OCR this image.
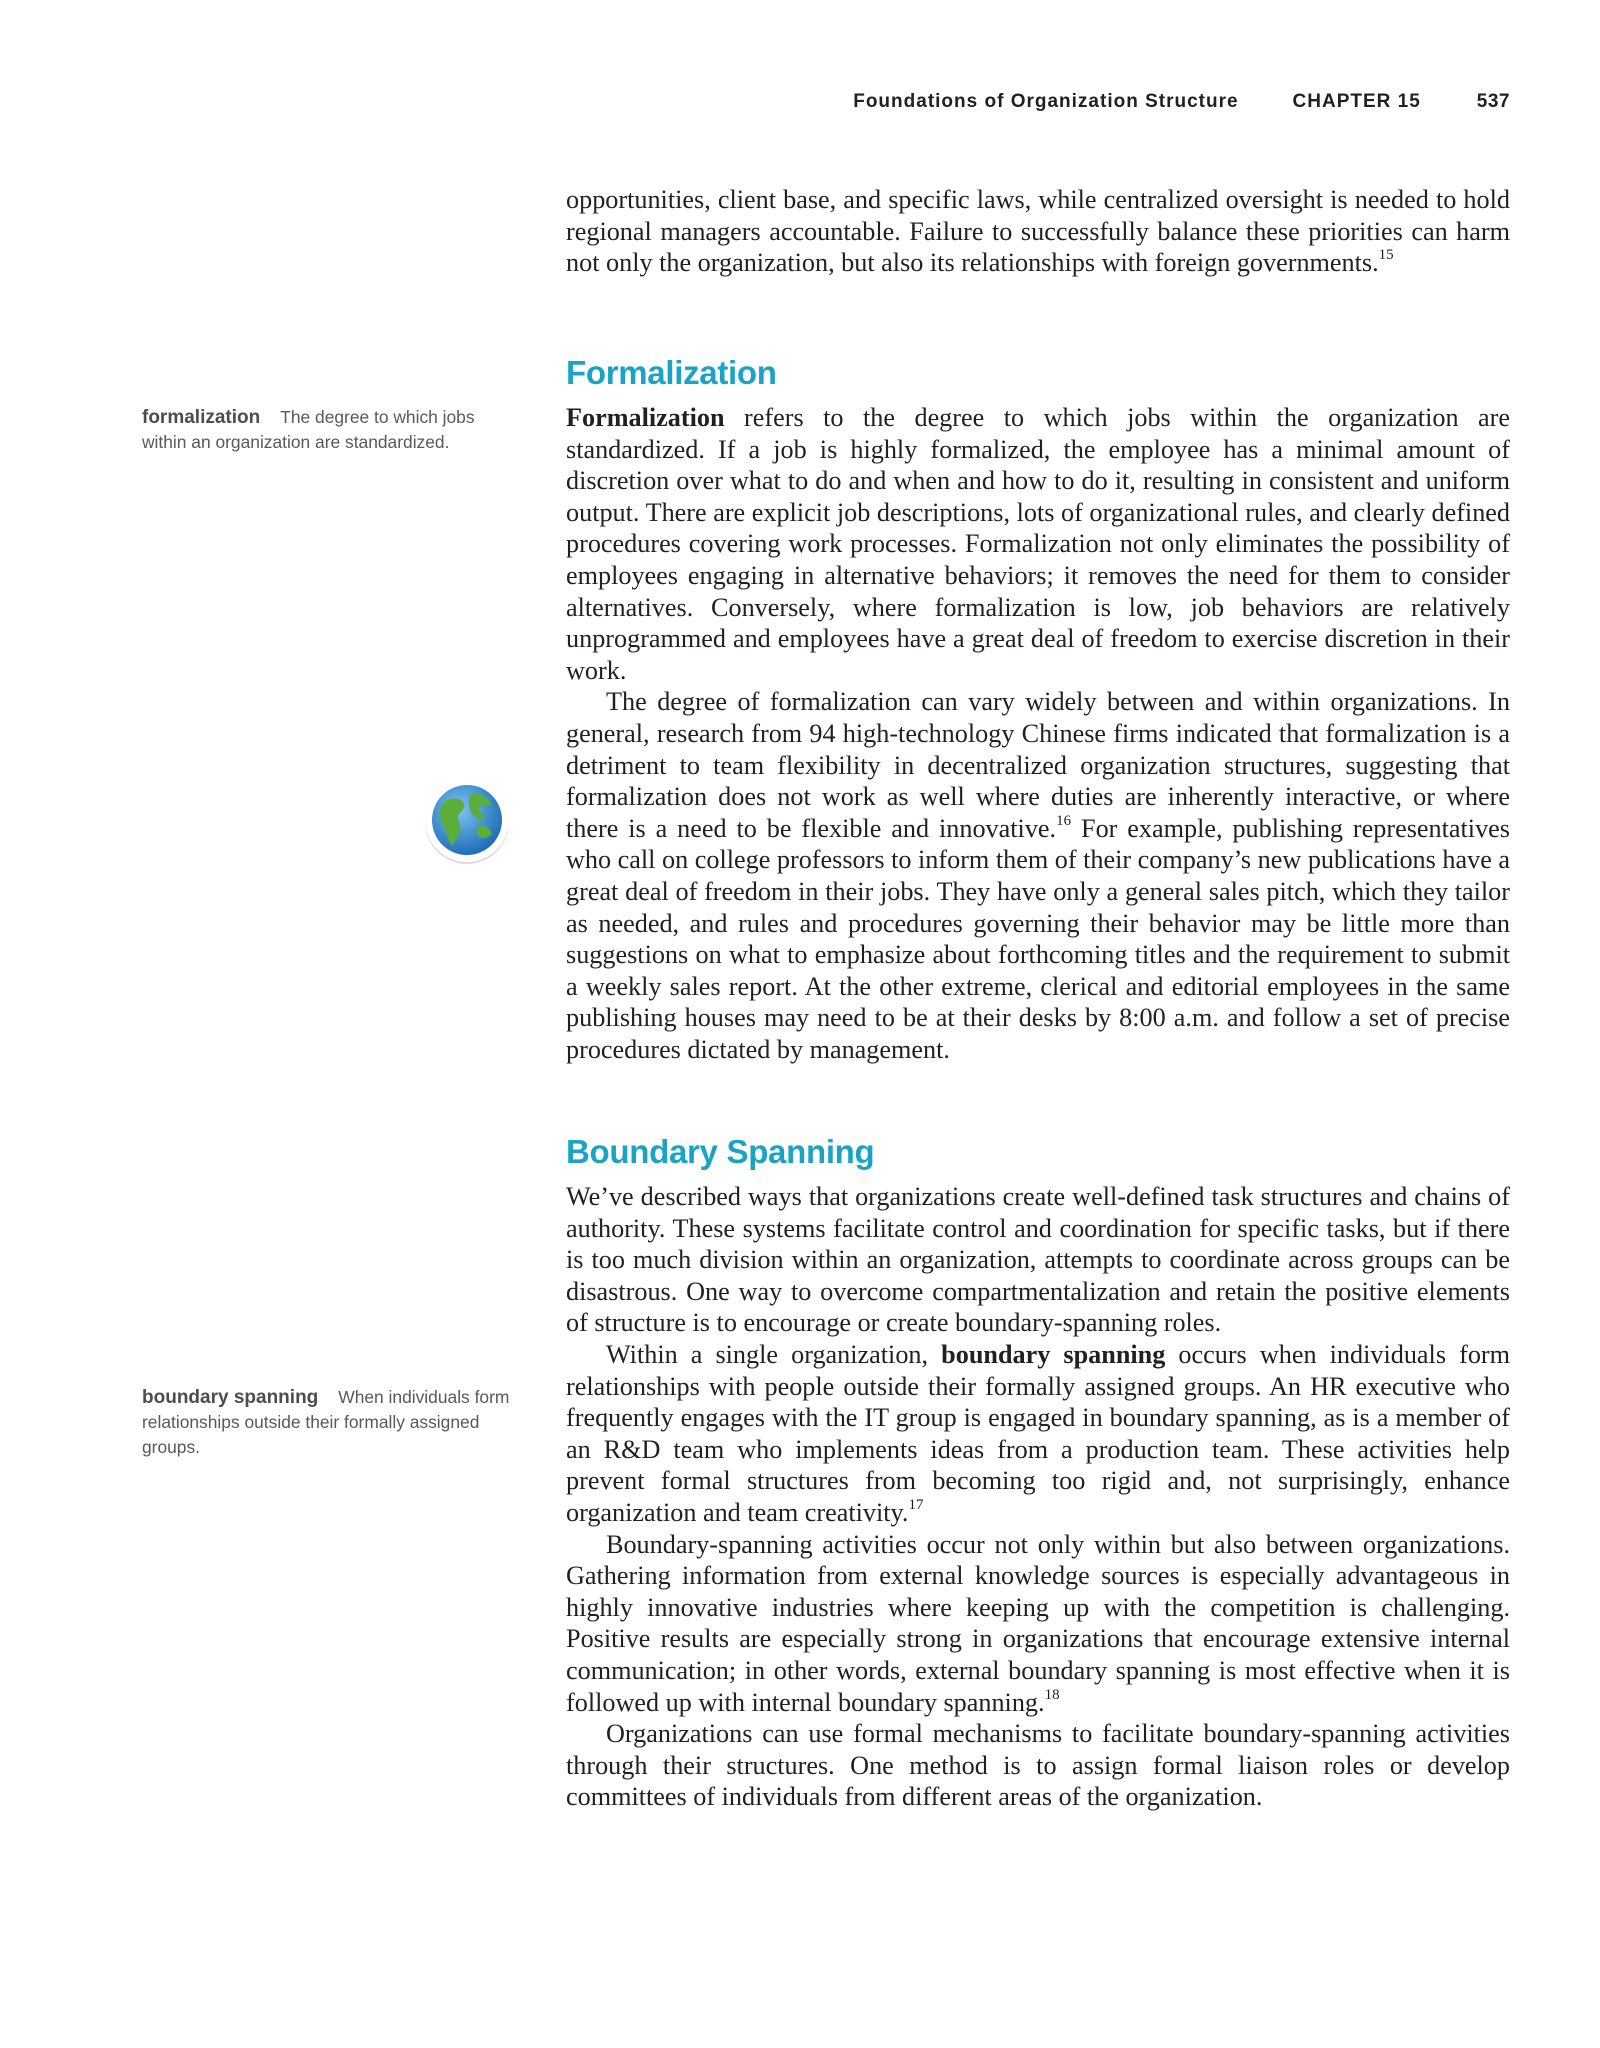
Foundations of Organization Structure	CHAPTER 15	537

opportunities, client base, and specific laws, while centralized oversight is needed to hold regional managers accountable. Failure to successfully balance these priorities can harm not only the organization, but also its relationships with foreign governments.$^{15}$

Formalization
formalization The degree to which jobs within an organization are standardized.

Formalization refers to the degree to which jobs within the organization are standardized. If a job is highly formalized, the employee has a minimal amount of discretion over what to do and when and how to do it, resulting in consistent and uniform output. There are explicit job descriptions, lots of organizational rules, and clearly defined procedures covering work processes. Formalization not only eliminates the possibility of employees engaging in alternative behaviors; it removes the need for them to consider alternatives. Conversely, where formalization is low, job behaviors are relatively unprogrammed and employees have a great deal of freedom to exercise discretion in their work.

The degree of formalization can vary widely between and within organizations. In general, research from 94 high-technology Chinese firms indicated that formalization is a detriment to team flexibility in decentralized organization structures, suggesting that formalization does not work as well where duties are inherently interactive, or where there is a need to be flexible and innovative.$^{16}$ For example, publishing representatives who call on college professors to inform them of their company’s new publications have a great deal of freedom in their jobs. They have only a general sales pitch, which they tailor as needed, and rules and procedures governing their behavior may be little more than suggestions on what to emphasize about forthcoming titles and the requirement to submit a weekly sales report. At the other extreme, clerical and editorial employees in the same publishing houses may need to be at their desks by 8:00 a.m. and follow a set of precise procedures dictated by management.

Boundary Spanning

We’ve described ways that organizations create well-defined task structures and chains of authority. These systems facilitate control and coordination for specific tasks, but if there is too much division within an organization, attempts to coordinate across groups can be disastrous. One way to overcome compartmentalization and retain the positive elements of structure is to encourage or create boundary-spanning roles.

Within a single organization, boundary spanning occurs when individuals form relationships with people outside their formally assigned groups. An HR executive who frequently engages with the IT group is engaged in boundary spanning, as is a member of an R&D team who implements ideas from a production team. These activities help prevent formal structures from becoming too rigid and, not surprisingly, enhance organization and team creativity.$^{17}$

Boundary-spanning activities occur not only within but also between organizations. Gathering information from external knowledge sources is especially advantageous in highly innovative industries where keeping up with the competition is challenging. Positive results are especially strong in organizations that encourage extensive internal communication; in other words, external boundary spanning is most effective when it is followed up with internal boundary spanning.$^{18}$

Organizations can use formal mechanisms to facilitate boundary-spanning activities through their structures. One method is to assign formal liaison roles or develop committees of individuals from different areas of the organization.

boundary spanning When individuals form relationships outside their formally assigned groups.
